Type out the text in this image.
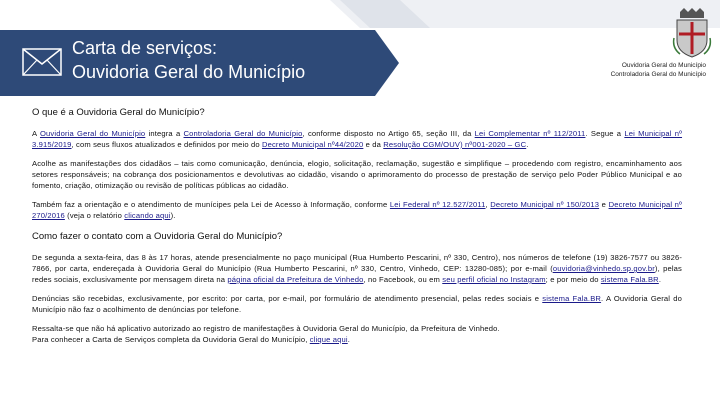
Carta de serviços:
Ouvidoria Geral do Município	Ouvidoria Geral do Município
Controladoria Geral do Município
O que é a Ouvidoria Geral do Município?

A Ouvidoria Geral do Município integra a Controladoria Geral do Município, conforme disposto no Artigo 65, seção III, da Lei Complementar nº 112/2011. Segue a Lei Municipal nº 3.915/2019, com seus fluxos atualizados e definidos por meio do Decreto Municipal nº44/2020 e da Resolução CGM/OUV) nº001-2020 – GC.

Acolhe as manifestações dos cidadãos – tais como comunicação, denúncia, elogio, solicitação, reclamação, sugestão e simplifique – procedendo com registro, encaminhamento aos setores responsáveis; na cobrança dos posicionamentos e devolutivas ao cidadão, visando o aprimoramento do processo de prestação de serviço pelo Poder Público Municipal e ao fomento, criação, otimização ou revisão de políticas públicas ao cidadão.

Também faz a orientação e o atendimento de munícipes pela Lei de Acesso à Informação, conforme Lei Federal nº 12.527/2011, Decreto Municipal nº 150/2013 e Decreto Municipal nº 270/2016 (veja o relatório clicando aqui).

Como fazer o contato com a Ouvidoria Geral do Município?

De segunda a sexta-feira, das 8 às 17 horas, atende presencialmente no paço municipal (Rua Humberto Pescarini, nº 330, Centro), nos números de telefone (19) 3826-7577 ou 3826-7866, por carta, endereçada à Ouvidoria Geral do Município (Rua Humberto Pescarini, nº 330, Centro, Vinhedo, CEP: 13280-085); por e-mail (ouvidoria@vinhedo.sp.gov.br), pelas redes sociais, exclusivamente por mensagem direta na página oficial da Prefeitura de Vinhedo, no Facebook, ou em seu perfil oficial no Instagram; e por meio do sistema Fala.BR.

Denúncias são recebidas, exclusivamente, por escrito: por carta, por e-mail, por formulário de atendimento presencial, pelas redes sociais e sistema Fala.BR. A Ouvidoria Geral do Município não faz o acolhimento de denúncias por telefone.

Ressalta-se que não há aplicativo autorizado ao registro de manifestações à Ouvidoria Geral do Município, da Prefeitura de Vinhedo.
Para conhecer a Carta de Serviços completa da Ouvidoria Geral do Município, clique aqui.
